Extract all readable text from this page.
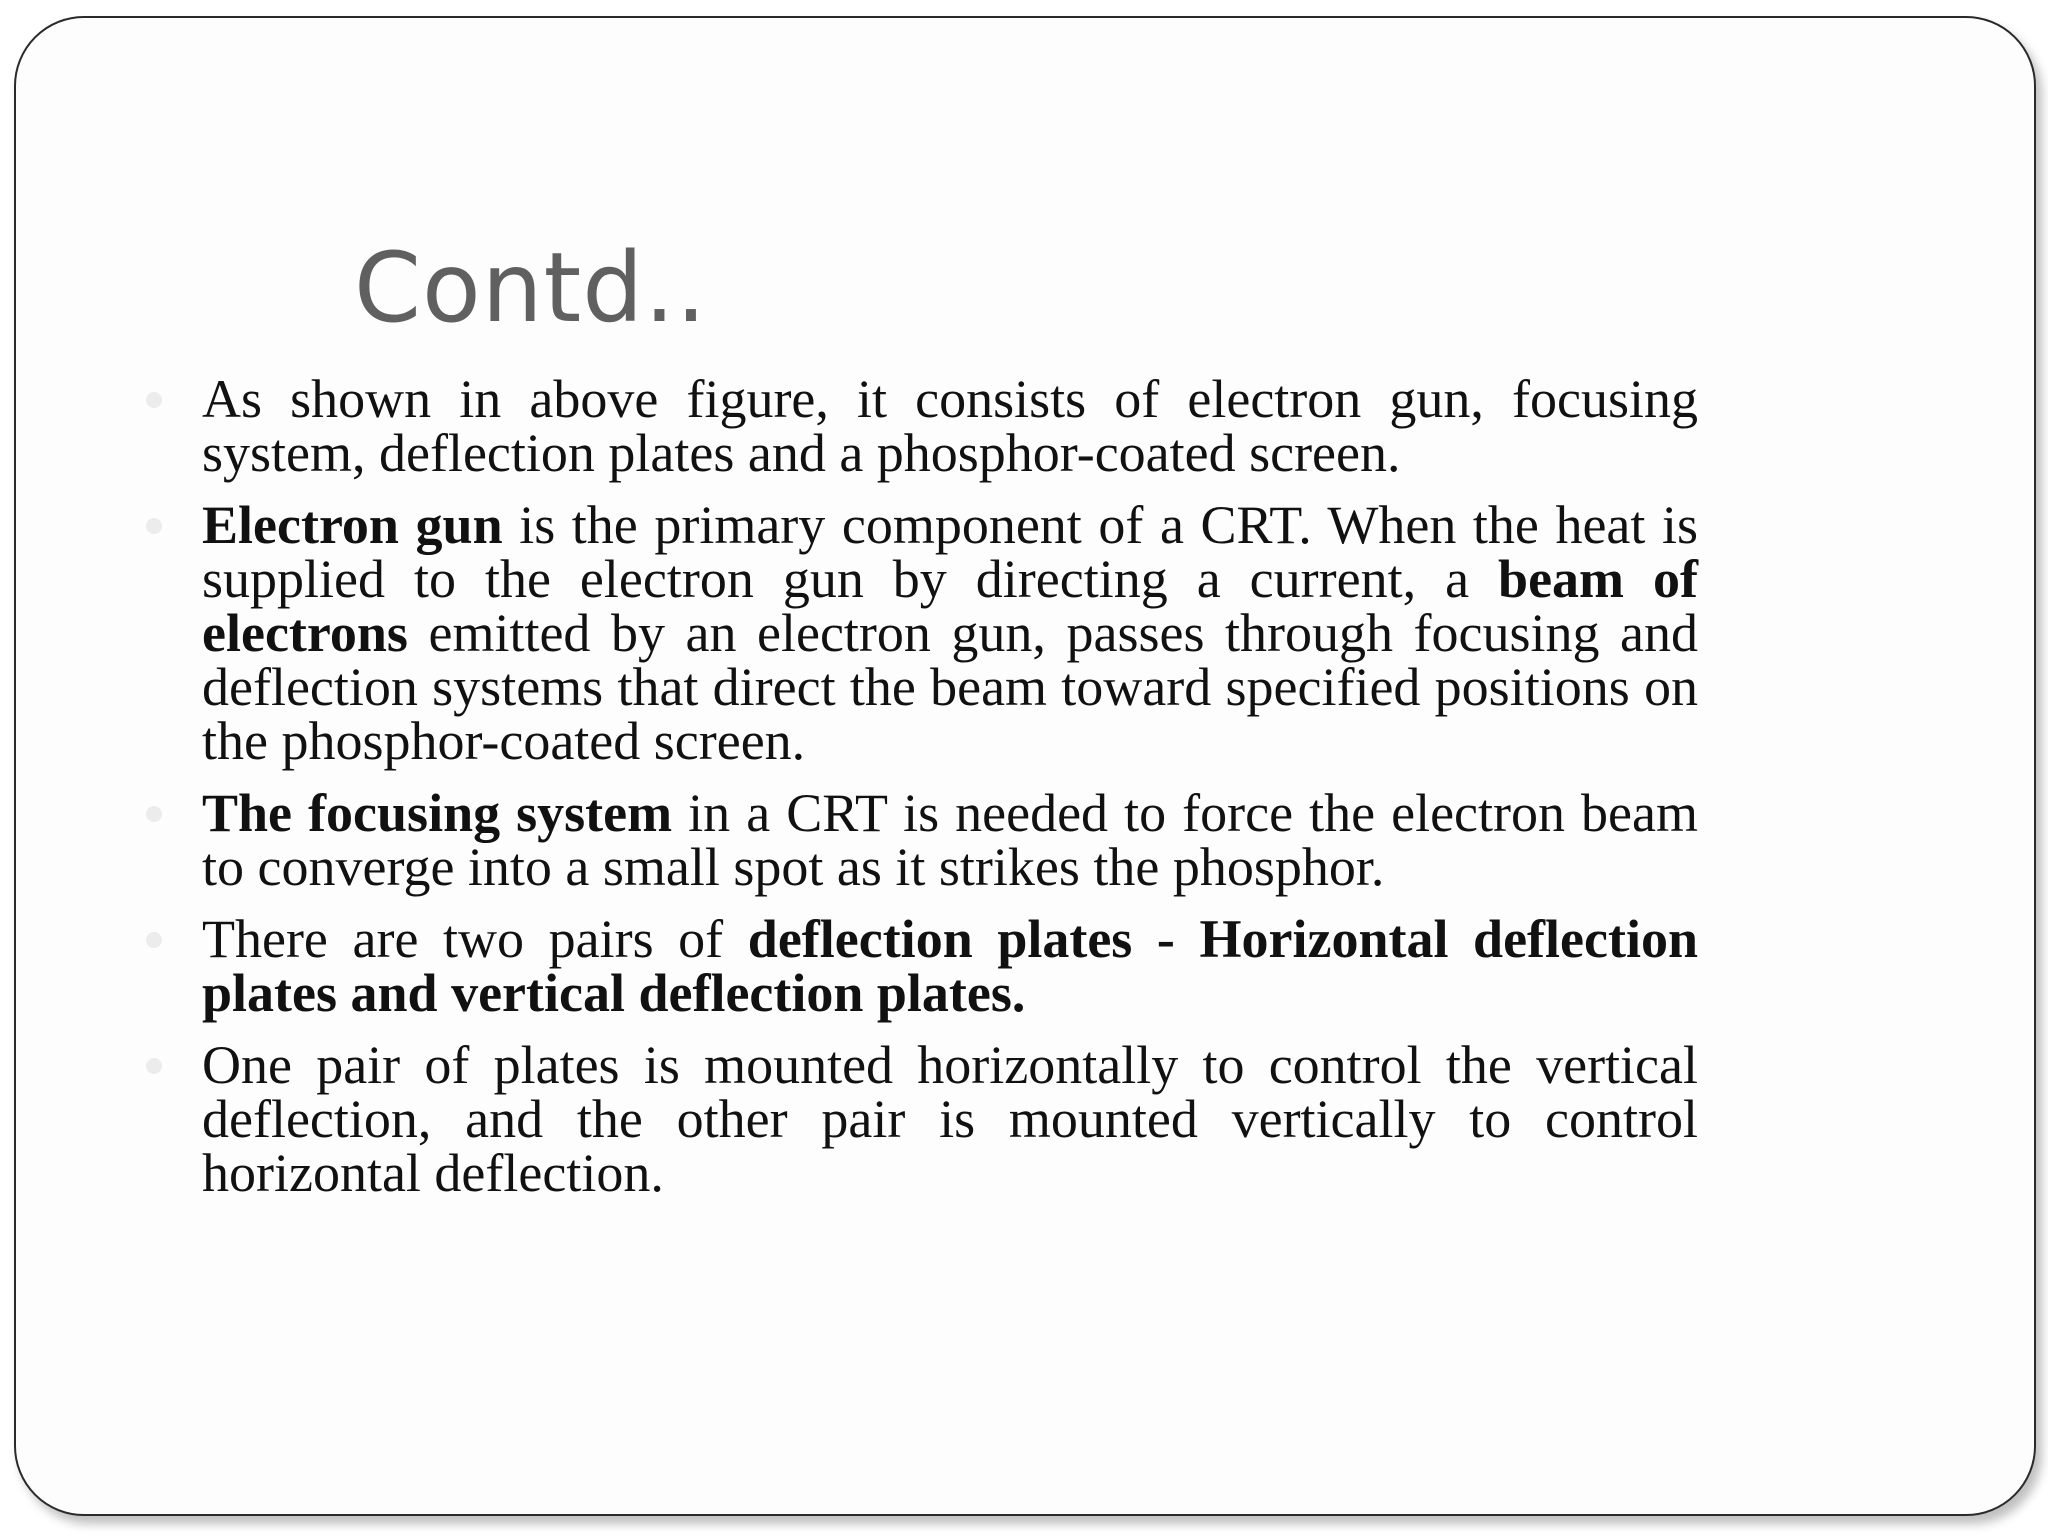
Contd..
As shown in above figure, it consists of electron gun, focusing system, deflection plates and a phosphor-coated screen.
Electron gun is the primary component of a CRT. When the heat is supplied to the electron gun by directing a current, a beam of electrons emitted by an electron gun, passes through focusing and deflection systems that direct the beam toward specified positions on the phosphor-coated screen.
The focusing system in a CRT is needed to force the electron beam to converge into a small spot as it strikes the phosphor.
There are two pairs of deflection plates - Horizontal deflection plates and vertical deflection plates.
One pair of plates is mounted horizontally to control the vertical deflection, and the other pair is mounted vertically to control horizontal deflection.
